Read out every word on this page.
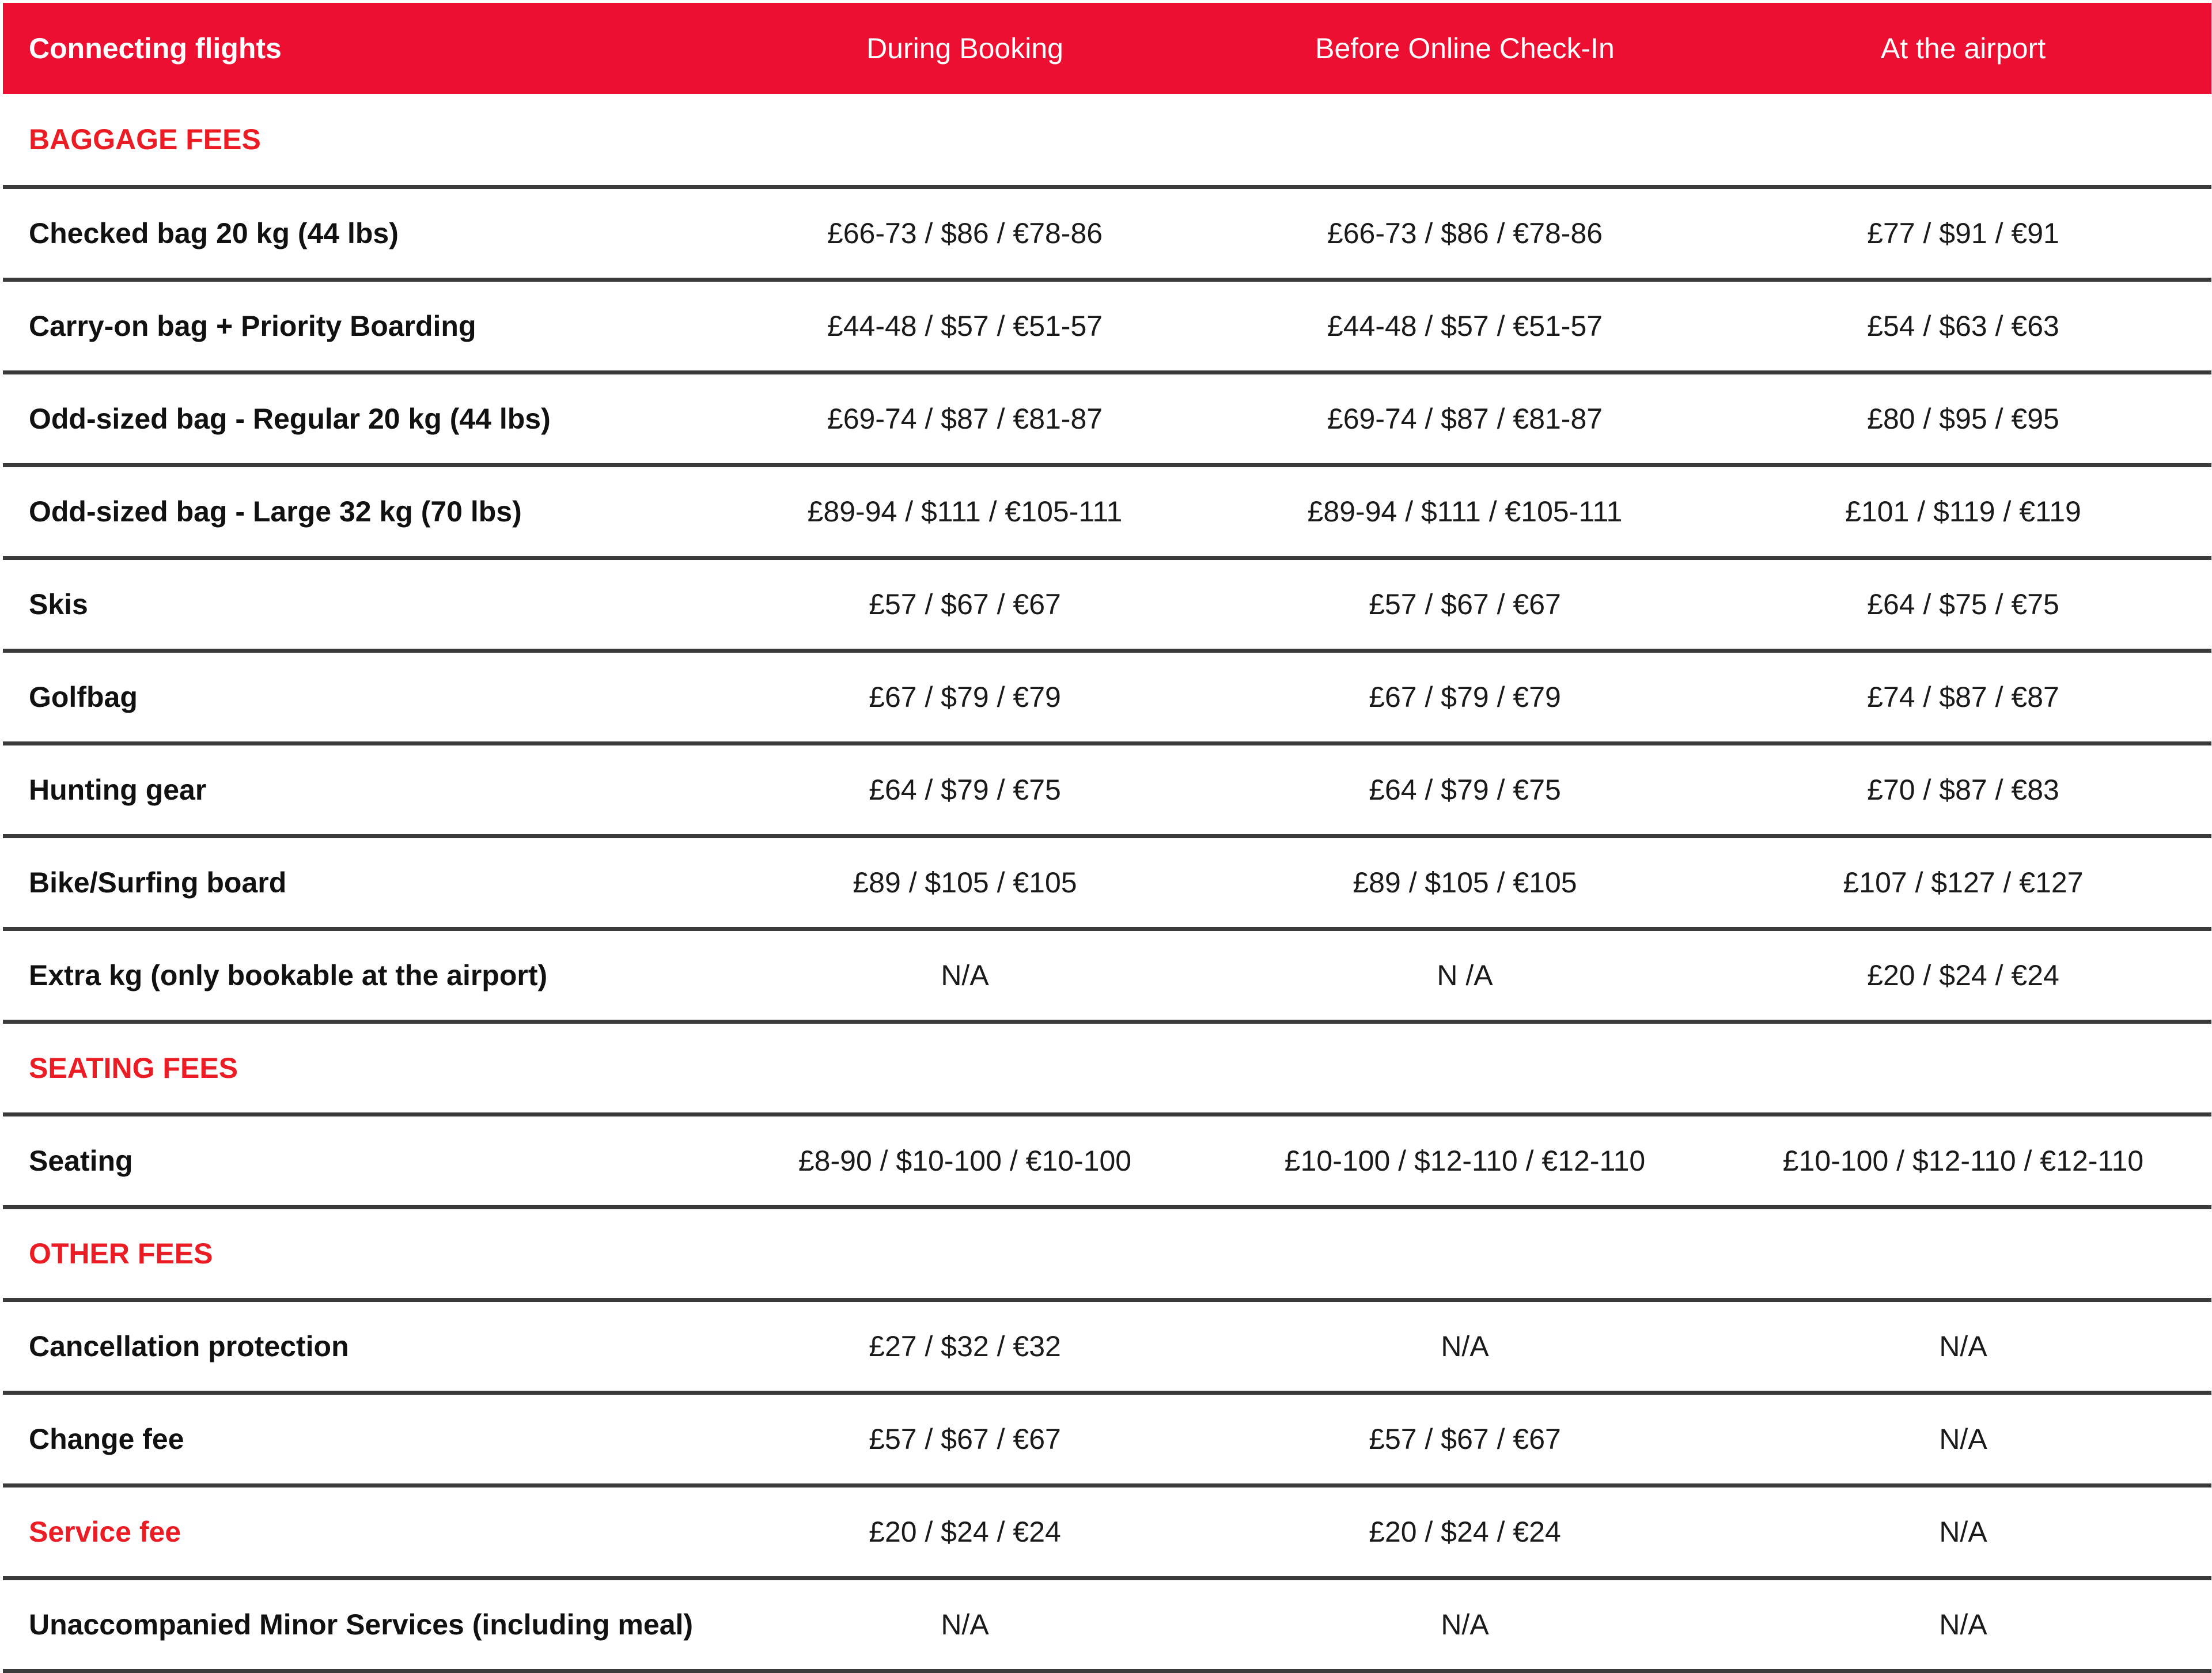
Connecting flights	During Booking	Before Online Check-In	At the airport
BAGGAGE FEES			
Checked bag 20 kg (44 lbs)	£66-73 / $86 / €78-86	£66-73 / $86 / €78-86	£77 / $91 / €91
Carry-on bag + Priority Boarding	£44-48 / $57 / €51-57	£44-48 / $57 / €51-57	£54 / $63 / €63
Odd-sized bag - Regular 20 kg (44 lbs)	£69-74 / $87 / €81-87	£69-74 / $87 / €81-87	£80 / $95 / €95
Odd-sized bag - Large 32 kg (70 lbs)	£89-94 / $111 / €105-111	£89-94 / $111 / €105-111	£101 / $119 / €119
Skis	£57 / $67 / €67	£57 / $67 / €67	£64 / $75 / €75
Golfbag	£67 / $79 / €79	£67 / $79 / €79	£74 / $87 / €87
Hunting gear	£64 / $79 / €75	£64 / $79 / €75	£70 / $87 / €83
Bike/Surfing board	£89 / $105 / €105	£89 / $105 / €105	£107 / $127 / €127
Extra kg (only bookable at the airport)	N/A	N /A	£20 / $24 / €24
SEATING FEES			
Seating	£8-90 / $10-100 / €10-100	£10-100 / $12-110 / €12-110	£10-100 / $12-110 / €12-110
OTHER FEES			
Cancellation protection	£27 / $32 / €32	N/A	N/A
Change fee	£57 / $67 / €67	£57 / $67 / €67	N/A
Service fee	£20 / $24 / €24	£20 / $24 / €24	N/A
Unaccompanied Minor Services (including meal)	N/A	N/A	N/A
